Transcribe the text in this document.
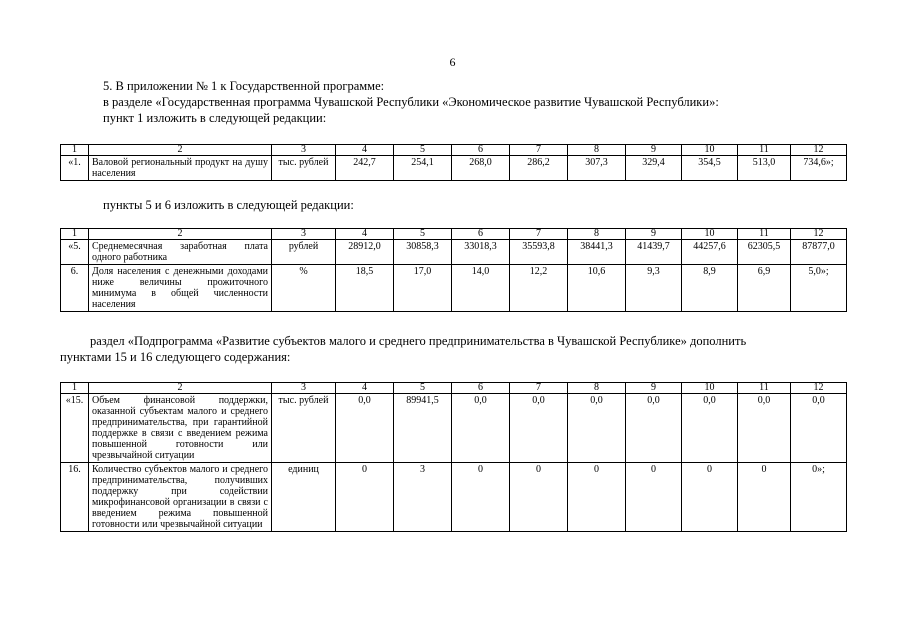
6
5. В приложении № 1 к Государственной программе:
в разделе «Государственная программа Чувашской Республики «Экономическое развитие Чувашской Республики»:
пункт 1 изложить в следующей редакции:
1	2	3	4	5	6	7	8	9	10	11	12
«1.	Валовой региональный продукт на душу населения	тыс. рублей	242,7	254,1	268,0	286,2	307,3	329,4	354,5	513,0	734,6»;
пункты 5 и 6 изложить в следующей редакции:
1	2	3	4	5	6	7	8	9	10	11	12
«5.	Среднемесячная заработная плата одного работника	рублей	28912,0	30858,3	33018,3	35593,8	38441,3	41439,7	44257,6	62305,5	87877,0
6.	Доля населения с денежными доходами ниже величины прожиточного минимума в общей численности населения	%	18,5	17,0	14,0	12,2	10,6	9,3	8,9	6,9	5,0»;
раздел «Подпрограмма «Развитие субъектов малого и среднего предпринимательства в Чувашской Республике» дополнить
пунктами 15 и 16 следующего содержания:
1	2	3	4	5	6	7	8	9	10	11	12
«15.	Объем финансовой поддержки, оказанной субъектам малого и среднего предпринимательства, при гарантийной поддержке в связи с введением режима повышенной готовности или чрезвычайной ситуации	тыс. рублей	0,0	89941,5	0,0	0,0	0,0	0,0	0,0	0,0	0,0
16.	Количество субъектов малого и среднего предпринимательства, получивших поддержку при содействии микрофинансовой организации в связи с введением режима повышенной готовности или чрезвычайной ситуации	единиц	0	3	0	0	0	0	0	0	0»;
